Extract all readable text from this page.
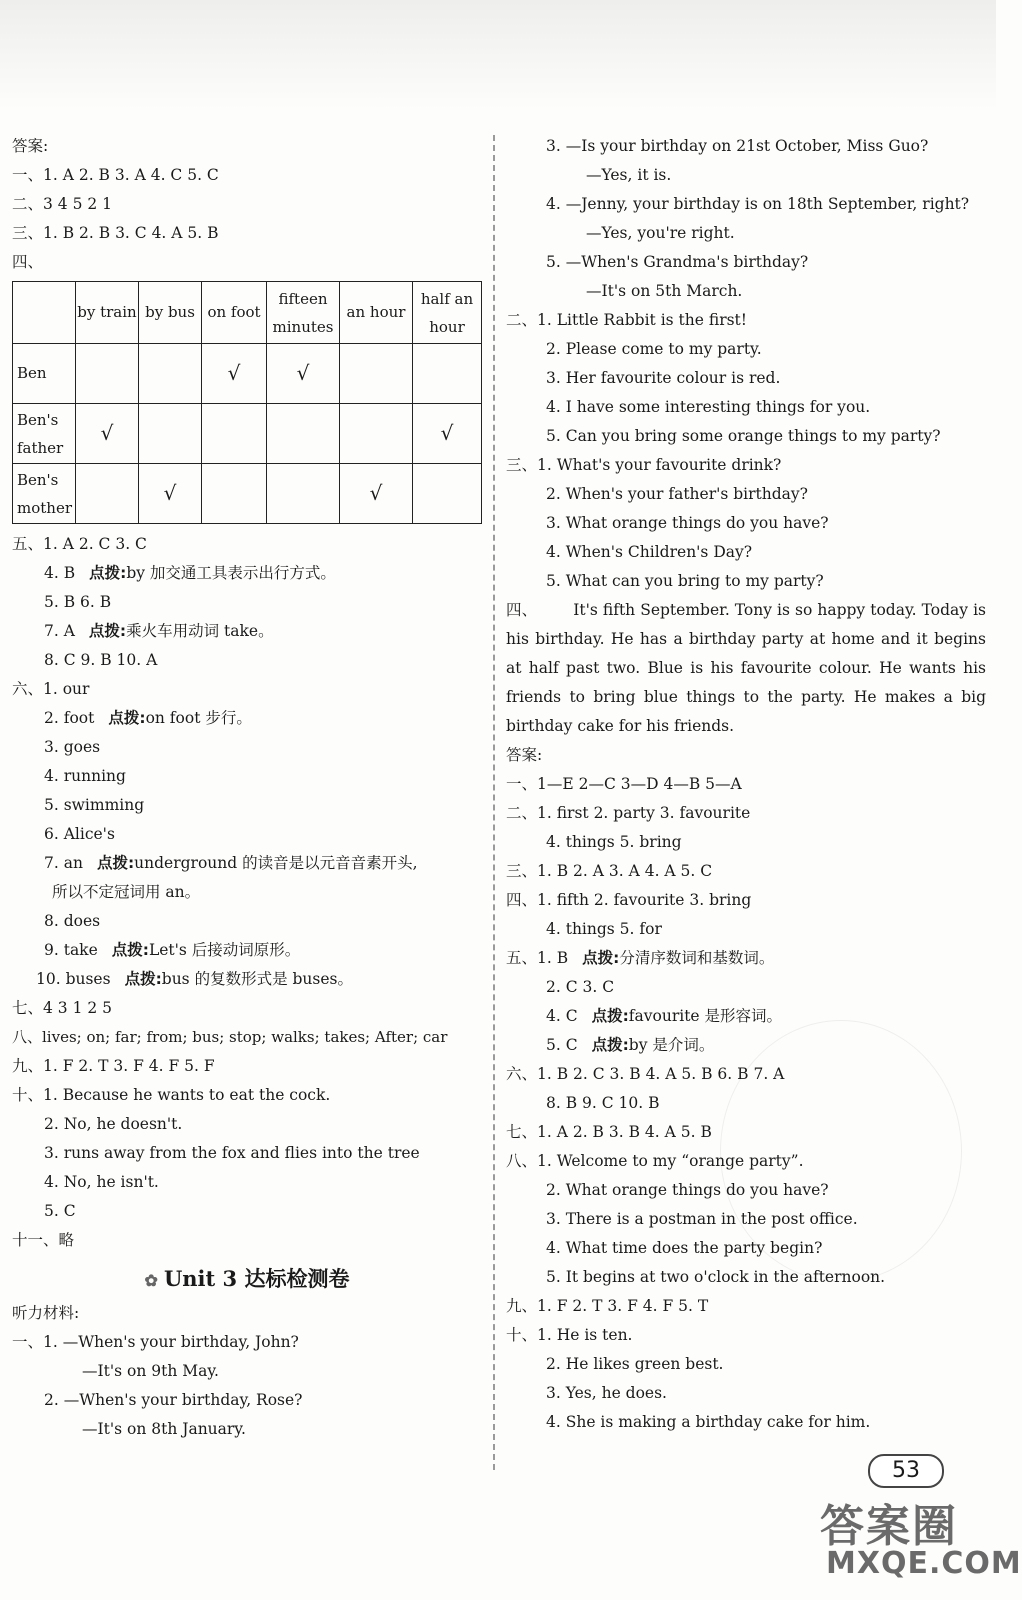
答案:
一、1. A 2. B 3. A 4. C 5. C
二、3 4 5 2 1
三、1. B 2. B 3. C 4. A 5. B
四、
	by train	by bus	on foot	fifteen minutes	an hour	half an hour
Ben			√	√		
Ben's father	√					√
Ben's mother		√			√	
五、1. A 2. C 3. C
4. B 点拨:by 加交通工具表示出行方式。
5. B 6. B
7. A 点拨:乘火车用动词 take。
8. C 9. B 10. A
六、1. our
2. foot 点拨:on foot 步行。
3. goes
4. running
5. swimming
6. Alice's
7. an 点拨:underground 的读音是以元音音素开头,
所以不定冠词用 an。
8. does
9. take 点拨:Let's 后接动词原形。
10. buses 点拨:bus 的复数形式是 buses。
七、4 3 1 2 5
八、lives; on; far; from; bus; stop; walks; takes; After; car
九、1. F 2. T 3. F 4. F 5. F
十、1. Because he wants to eat the cock.
2. No, he doesn't.
3. runs away from the fox and flies into the tree
4. No, he isn't.
5. C
十一、略
✿ Unit 3 达标检测卷
听力材料:
一、1. —When's your birthday, John?
—It's on 9th May.
2. —When's your birthday, Rose?
—It's on 8th January.
3. —Is your birthday on 21st October, Miss Guo?
—Yes, it is.
4. —Jenny, your birthday is on 18th September, right?
—Yes, you're right.
5. —When's Grandma's birthday?
—It's on 5th March.
二、1. Little Rabbit is the first!
2. Please come to my party.
3. Her favourite colour is red.
4. I have some interesting things for you.
5. Can you bring some orange things to my party?
三、1. What's your favourite drink?
2. When's your father's birthday?
3. What orange things do you have?
4. When's Children's Day?
5. What can you bring to my party?
四、 It's fifth September. Tony is so happy today. Today is his birthday. He has a birthday party at home and it begins at half past two. Blue is his favourite colour. He wants his friends to bring blue things to the party. He makes a big birthday cake for his friends.
答案:
一、1—E 2—C 3—D 4—B 5—A
二、1. first 2. party 3. favourite
4. things 5. bring
三、1. B 2. A 3. A 4. A 5. C
四、1. fifth 2. favourite 3. bring
4. things 5. for
五、1. B 点拨:分清序数词和基数词。
2. C 3. C
4. C 点拨:favourite 是形容词。
5. C 点拨:by 是介词。
六、1. B 2. C 3. B 4. A 5. B 6. B 7. A
8. B 9. C 10. B
七、1. A 2. B 3. B 4. A 5. B
八、1. Welcome to my “orange party”.
2. What orange things do you have?
3. There is a postman in the post office.
4. What time does the party begin?
5. It begins at two o'clock in the afternoon.
九、1. F 2. T 3. F 4. F 5. T
十、1. He is ten.
2. He likes green best.
3. Yes, he does.
4. She is making a birthday cake for him.
53
答案圈
MXQE.COM
